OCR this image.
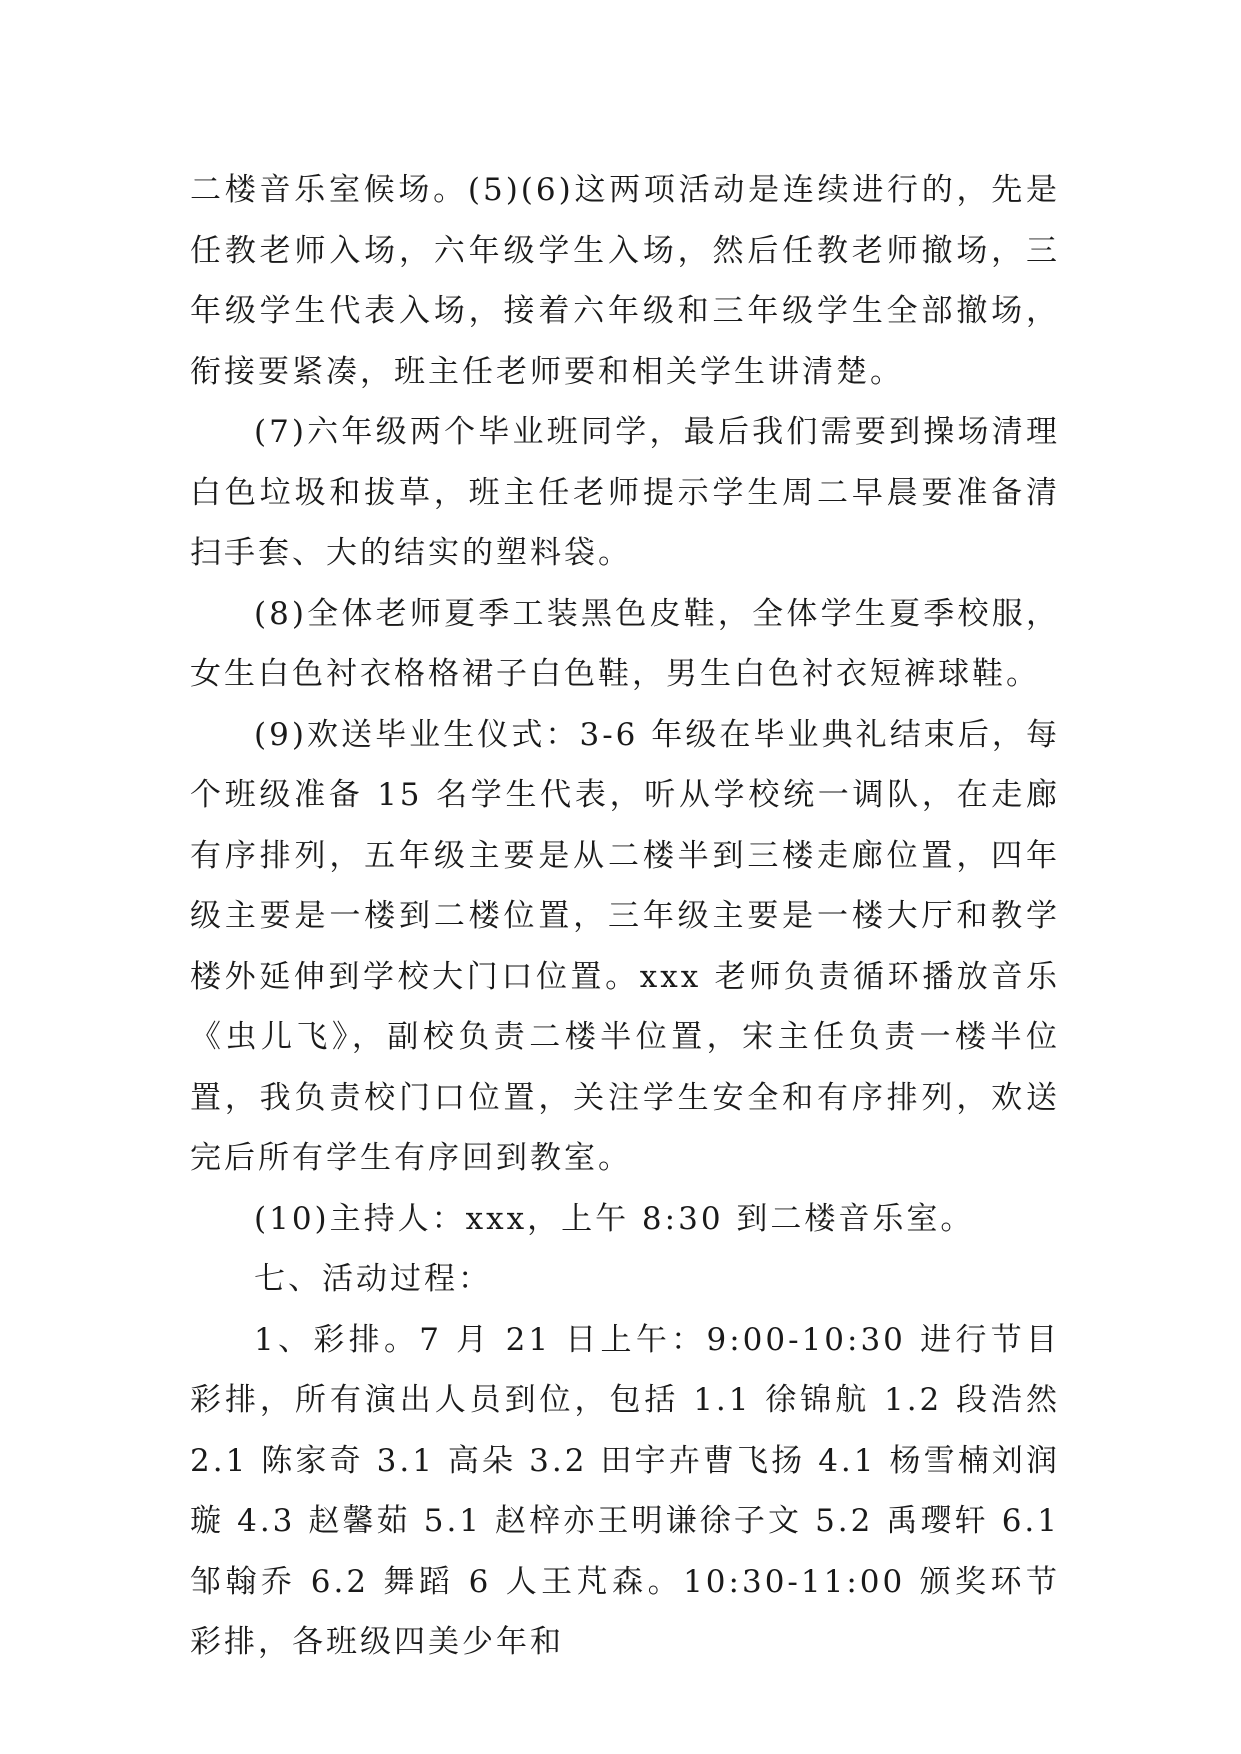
二楼音乐室候场。(5)(6)这两项活动是连续进行的，先是任教老师入场，六年级学生入场，然后任教老师撤场，三年级学生代表入场，接着六年级和三年级学生全部撤场，衔接要紧凑，班主任老师要和相关学生讲清楚。

(7)六年级两个毕业班同学，最后我们需要到操场清理白色垃圾和拔草，班主任老师提示学生周二早晨要准备清扫手套、大的结实的塑料袋。

(8)全体老师夏季工装黑色皮鞋，全体学生夏季校服，女生白色衬衣格格裙子白色鞋，男生白色衬衣短裤球鞋。

(9)欢送毕业生仪式：3-6 年级在毕业典礼结束后，每个班级准备 15 名学生代表，听从学校统一调队，在走廊有序排列，五年级主要是从二楼半到三楼走廊位置，四年级主要是一楼到二楼位置，三年级主要是一楼大厅和教学楼外延伸到学校大门口位置。xxx 老师负责循环播放音乐《虫儿飞》，副校负责二楼半位置，宋主任负责一楼半位置，我负责校门口位置，关注学生安全和有序排列，欢送完后所有学生有序回到教室。

(10)主持人：xxx，上午 8:30 到二楼音乐室。

七、活动过程：

1、彩排。7 月 21 日上午：9:00-10:30 进行节目彩排，所有演出人员到位，包括 1.1 徐锦航 1.2 段浩然 2.1 陈家奇 3.1 高朵 3.2 田宇卉曹飞扬 4.1 杨雪楠刘润璇 4.3 赵馨茹 5.1 赵梓亦王明谦徐子文 5.2 禹璎轩 6.1 邹翰乔 6.2 舞蹈 6 人王芃森。10:30-11:00 颁奖环节彩排，各班级四美少年和
